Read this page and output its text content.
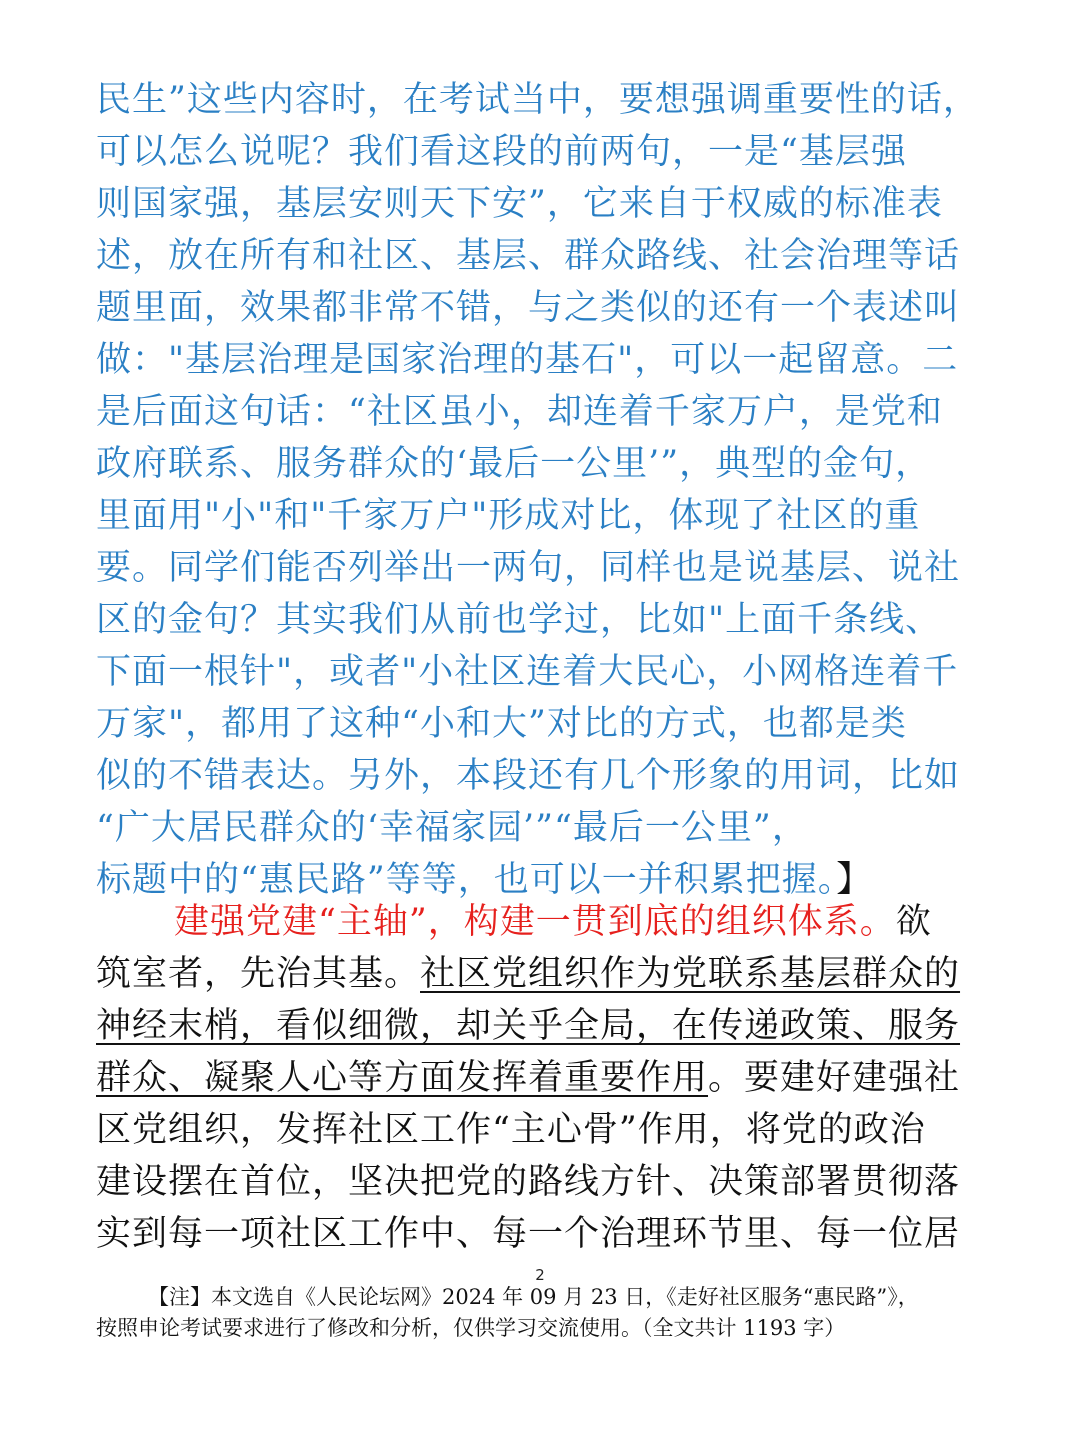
民生”这些内容时，在考试当中，要想强调重要性的话，
可以怎么说呢？我们看这段的前两句，一是“基层强
则国家强，基层安则天下安”，它来自于权威的标准表
述，放在所有和社区、基层、群众路线、社会治理等话
题里面，效果都非常不错，与之类似的还有一个表述叫
做："基层治理是国家治理的基石"，可以一起留意。二
是后面这句话：“社区虽小，却连着千家万户，是党和
政府联系、服务群众的‘最后一公里’”，典型的金句，
里面用"小"和"千家万户"形成对比，体现了社区的重
要。同学们能否列举出一两句，同样也是说基层、说社
区的金句？其实我们从前也学过，比如"上面千条线、
下面一根针"，或者"小社区连着大民心，小网格连着千
万家"，都用了这种“小和大”对比的方式，也都是类
似的不错表达。另外，本段还有几个形象的用词，比如
“广大居民群众的‘幸福家园’”“最后一公里”，
标题中的“惠民路”等等，也可以一并积累把握。】
建强党建“主轴”，构建一贯到底的组织体系。欲
筑室者，先治其基。社区党组织作为党联系基层群众的
神经末梢，看似细微，却关乎全局，在传递政策、服务
群众、凝聚人心等方面发挥着重要作用。要建好建强社
区党组织，发挥社区工作“主心骨”作用，将党的政治
建设摆在首位，坚决把党的路线方针、决策部署贯彻落
实到每一项社区工作中、每一个治理环节里、每一位居
2
【注】本文选自《人民论坛网》2024 年 09 月 23 日，《走好社区服务“惠民路”》，
按照申论考试要求进行了修改和分析，仅供学习交流使用。（全文共计 1193 字）
